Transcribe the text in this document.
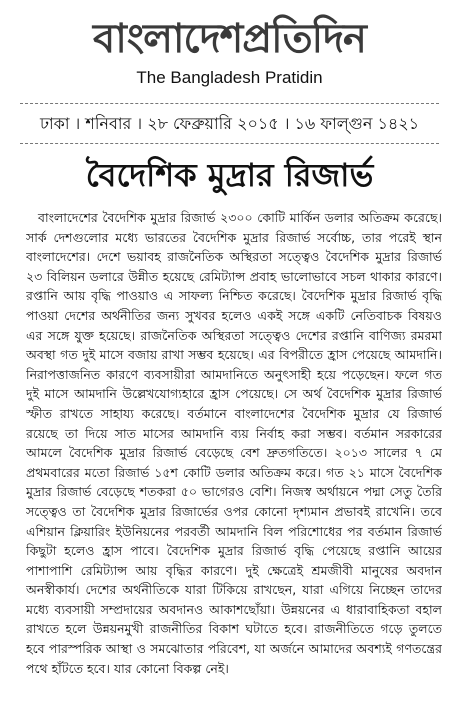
বাংলাদেশপ্রতিদিন
The Bangladesh Pratidin
ঢাকা । শনিবার । ২৮ ফেব্রুয়ারি ২০১৫ । ১৬ ফাল্গুন ১৪২১
বৈদেশিক মুদ্রার রিজার্ভ
বাংলাদেশের বৈদেশিক মুদ্রার রিজার্ভ ২৩০০ কোটি মার্কিন ডলার অতিক্রম করেছে। সার্ক দেশগুলোর মধ্যে ভারতের বৈদেশিক মুদ্রার রিজার্ভ সর্বোচ্চ, তার পরেই স্থান বাংলাদেশের। দেশে ভয়াবহ রাজনৈতিক অস্থিরতা সত্ত্বেও বৈদেশিক মুদ্রার রিজার্ভ ২৩ বিলিয়ন ডলারে উন্নীত হয়েছে রেমিট্যান্স প্রবাহ ভালোভাবে সচল থাকার কারণে। রপ্তানি আয় বৃদ্ধি পাওয়াও এ সাফল্য নিশ্চিত করেছে। বৈদেশিক মুদ্রার রিজার্ভ বৃদ্ধি পাওয়া দেশের অর্থনীতির জন্য সুখবর হলেও একই সঙ্গে একটি নেতিবাচক বিষয়ও এর সঙ্গে যুক্ত হয়েছে। রাজনৈতিক অস্থিরতা সত্ত্বেও দেশের রপ্তানি বাণিজ্য রমরমা অবস্থা গত দুই মাসে বজায় রাখা সম্ভব হয়েছে। এর বিপরীতে হ্রাস পেয়েছে আমদানি। নিরাপত্তাজনিত কারণে ব্যবসায়ীরা আমদানিতে অনুৎসাহী হয়ে পড়েছেন। ফলে গত দুই মাসে আমদানি উল্লেখযোগ্যহারে হ্রাস পেয়েছে। সে অর্থ বৈদেশিক মুদ্রার রিজার্ভ স্ফীত রাখতে সাহায্য করেছে। বর্তমানে বাংলাদেশের বৈদেশিক মুদ্রার যে রিজার্ভ রয়েছে তা দিয়ে সাত মাসের আমদানি ব্যয় নির্বাহ করা সম্ভব। বর্তমান সরকারের আমলে বৈদেশিক মুদ্রার রিজার্ভ বেড়েছে বেশ দ্রুতগতিতে। ২০১৩ সালের ৭ মে প্রথমবারের মতো রিজার্ভ ১৫শ কোটি ডলার অতিক্রম করে। গত ২১ মাসে বৈদেশিক মুদ্রার রিজার্ভ বেড়েছে শতকরা ৫০ ভাগেরও বেশি। নিজস্ব অর্থায়নে পদ্মা সেতু তৈরি সত্ত্বেও তা বৈদেশিক মুদ্রার রিজার্ভের ওপর কোনো দৃশ্যমান প্রভাবই রাখেনি। তবে এশিয়ান ক্লিয়ারিং ইউনিয়নের পরবর্তী আমদানি বিল পরিশোধের পর বর্তমান রিজার্ভ কিছুটা হলেও হ্রাস পাবে। বৈদেশিক মুদ্রার রিজার্ভ বৃদ্ধি পেয়েছে রপ্তানি আয়ের পাশাপাশি রেমিট্যান্স আয় বৃদ্ধির কারণে। দুই ক্ষেত্রেই শ্রমজীবী মানুষের অবদান অনস্বীকার্য। দেশের অর্থনীতিকে যারা টিকিয়ে রাখছেন, যারা এগিয়ে নিচ্ছেন তাদের মধ্যে ব্যবসায়ী সম্প্রদায়ের অবদানও আকাশছোঁয়া। উন্নয়নের এ ধারাবাহিকতা বহাল রাখতে হলে উন্নয়নমুখী রাজনীতির বিকাশ ঘটাতে হবে। রাজনীতিতে গড়ে তুলতে হবে পারস্পরিক আস্থা ও সমঝোতার পরিবেশ, যা অর্জনে আমাদের অবশ্যই গণতন্ত্রের পথে হাঁটতে হবে। যার কোনো বিকল্প নেই।
